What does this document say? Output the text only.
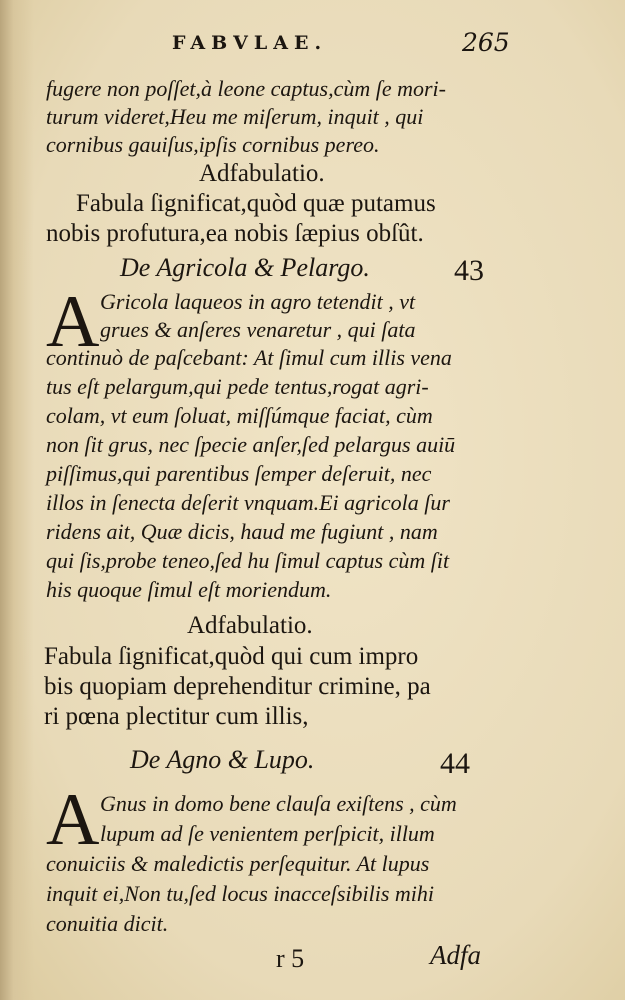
FABVLAE.	265
fugere non poſſet,à leone captus,cùm ſe mori-
turum videret,Heu me miſerum, inquit , qui
cornibus gauiſus,ipſis cornibus pereo.
Adfabulatio.
Fabula ſignificat,quòd quæ putamus
nobis profutura,ea nobis ſæpius obſût.
De Agricola & Pelargo.	43
A Gricola laqueos in agro tetendit , vt
grues & anſeres venaretur , qui ſata
continuò de paſcebant: At ſimul cum illis vena
tus eſt pelargum,qui pede tentus,rogat agri-
colam, vt eum ſoluat, miſſúmque faciat, cùm
non ſit grus, nec ſpecie anſer,ſed pelargus auiū
piſſimus,qui parentibus ſemper deſeruit, nec
illos in ſenecta deſerit vnquam.Ei agricola ſur
ridens ait, Quæ dicis, haud me fugiunt , nam
qui ſis,probe teneo,ſed hu ſimul captus cùm ſit
his quoque ſimul eſt moriendum.
Adfabulatio.
Fabula ſignificat,quòd qui cum impro
bis quopiam deprehenditur crimine, pa
ri pœna plectitur cum illis,
De Agno & Lupo.	44
A Gnus in domo bene clauſa exiſtens , cùm
lupum ad ſe venientem perſpicit, illum
conuiciis & maledictis perſequitur. At lupus
inquit ei,Non tu,ſed locus inacceſsibilis mihi
conuitia dicit.
r 5	Adfa
